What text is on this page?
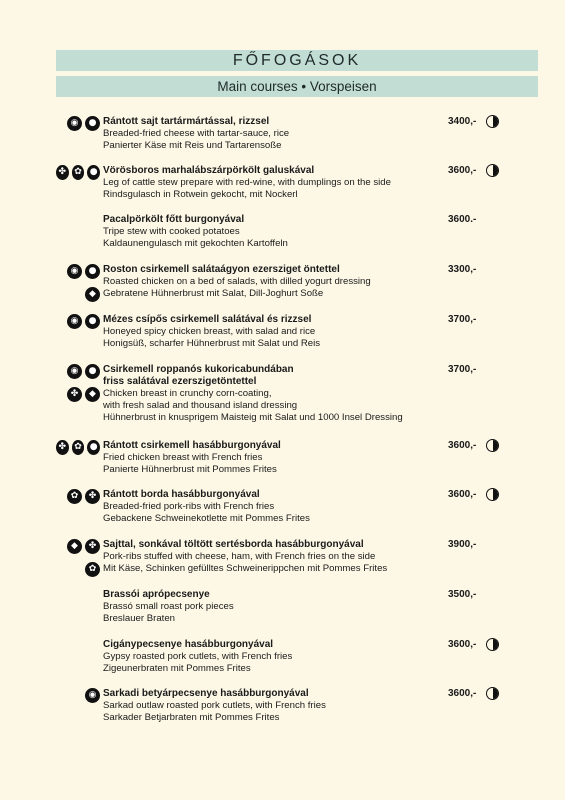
FŐFOGÁSOK
Main courses • Vorspeisen
◉	● Rántott sajt tartármártással, rizzsel
Breaded-fried cheese with tartar-sauce, rice
Panierter Käse mit Reis und Tartarensoße
3400,-
✤ ✿ ● Vörösboros marhalábszárpörkölt galuskával
Leg of cattle stew prepare with red-wine, with dumplings on the side
Rindsgulasch in Rotwein gekocht, mit Nockerl
3600,-
Pacalpörkölt főtt burgonyával
Tripe stew with cooked potatoes
Kaldaunengulasch mit gekochten Kartoffeln
3600.-
◉	●
◆
Roston csirkemell salátaágyon ezersziget öntettel
Roasted chicken on a bed of salads, with dilled yogurt dressing
Gebratene Hühnerbrust mit Salat, Dill-Joghurt Soße
3300,-
◉	● Mézes csípős csirkemell salátával és rizzsel
Honeyed spicy chicken breast, with salad and rice
Honigsüß, scharfer Hühnerbrust mit Salat und Reis
3700,-
◉	●
✤	◆
Csirkemell roppanós kukoricabundában
friss salátával ezerszigetöntettel
Chicken breast in crunchy corn-coating,
with fresh salad and thousand island dressing
Hühnerbrust in knusprigem Maisteig mit Salat und 1000 Insel Dressing
3700,-
✤ ✿ ● Rántott csirkemell hasábburgonyával
Fried chicken breast with French fries
Panierte Hühnerbrust mit Pommes Frites
3600,-
✿	✤ Rántott borda hasábburgonyával
Breaded-fried pork-ribs with French fries
Gebackene Schweinekotlette mit Pommes Frites
3600,-
◆	✤
✿
Sajttal, sonkával töltött sertésborda hasábburgonyával
Pork-ribs stuffed with cheese, ham, with French fries on the side
Mit Käse, Schinken gefülltes Schweinerippchen mit Pommes Frites
3900,-
Brassói aprópecsenye
Brassó small roast pork pieces
Breslauer Braten
3500,-
Cigánypecsenye hasábburgonyával
Gypsy roasted pork cutlets, with French fries
Zigeunerbraten mit Pommes Frites
3600,-
◉ Sarkadi betyárpecsenye hasábburgonyával
Sarkad outlaw roasted pork cutlets, with French fries
Sarkader Betjarbraten mit Pommes Frites
3600,-
